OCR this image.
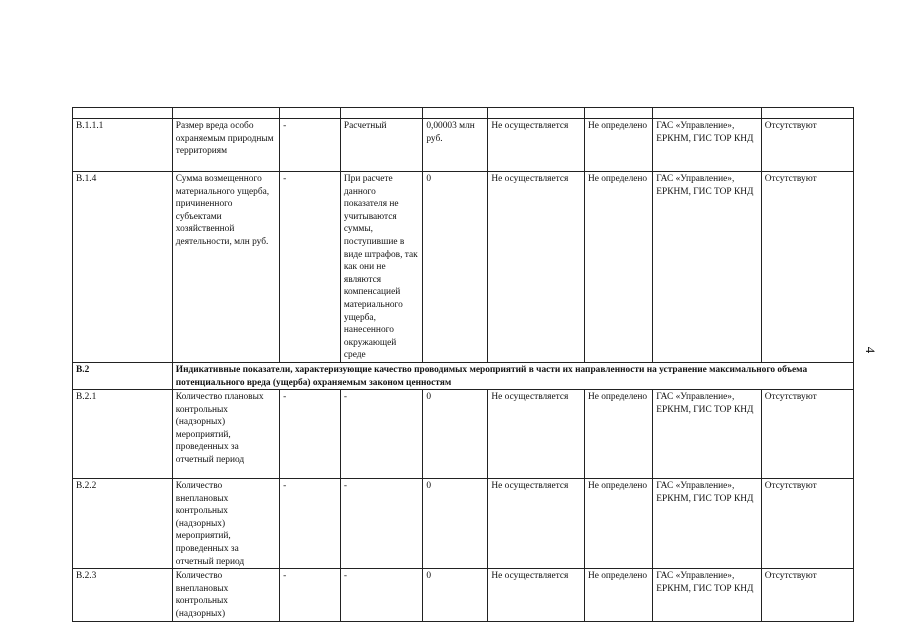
4

В.1.1.1	Размер вреда особо охраняемым природным территориям	-	Расчетный	0,00003 млн руб.	Не осуществляется	Не определено	ГАС «Управление», ЕРКНМ, ГИС ТОР КНД	Отсутствуют
В.1.4	Сумма возмещенного материального ущерба, причиненного субъектами хозяйственной деятельности, млн руб.	-	При расчете данного показателя не учитываются суммы, поступившие в виде штрафов, так как они не являются компенсацией материального ущерба, нанесенного окружающей среде	0	Не осуществляется	Не определено	ГАС «Управление», ЕРКНМ, ГИС ТОР КНД	Отсутствуют
В.2	Индикативные показатели, характеризующие качество проводимых мероприятий в части их направленности на устранение максимального объема потенциального вреда (ущерба) охраняемым законом ценностям							
В.2.1	Количество плановых контрольных (надзорных) мероприятий, проведенных за отчетный период	-	-	0	Не осуществляется	Не определено	ГАС «Управление», ЕРКНМ, ГИС ТОР КНД	Отсутствуют
В.2.2	Количество внеплановых контрольных (надзорных) мероприятий, проведенных за отчетный период	-	-	0	Не осуществляется	Не определено	ГАС «Управление», ЕРКНМ, ГИС ТОР КНД	Отсутствуют
В.2.3	Количество внеплановых контрольных (надзорных)	-	-	0	Не осуществляется	Не определено	ГАС «Управление», ЕРКНМ, ГИС ТОР КНД	Отсутствуют
